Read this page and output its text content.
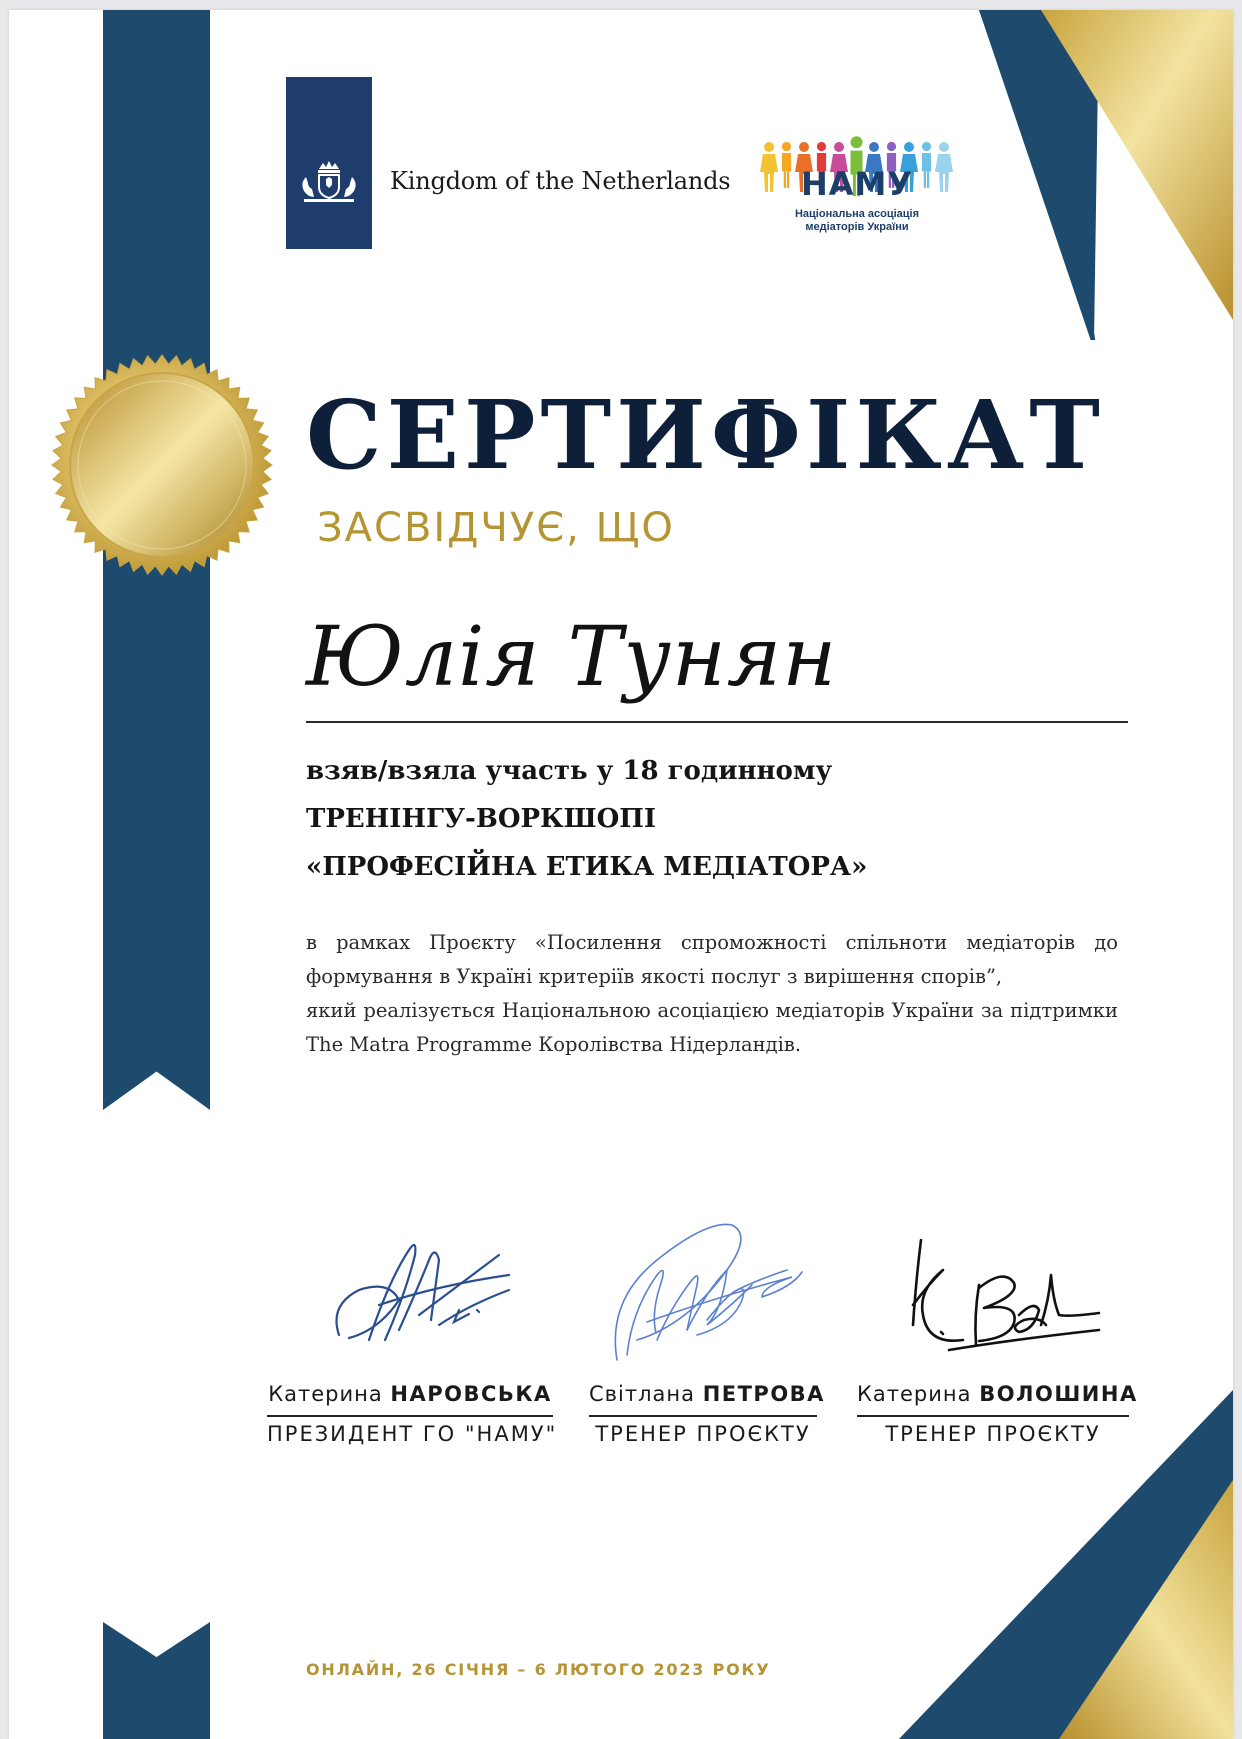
Kingdom of the Netherlands	НАМУ
Національна асоціація
медіаторів України
СЕРТИФІКАТ
ЗАСВІДЧУЄ, ЩО
Юлія Тунян
взяв/взяла участь у 18 годинному
ТРЕНІНГУ-ВОРКШОПІ
«ПРОФЕСІЙНА ЕТИКА МЕДІАТОРА»

в рамках Проєкту «Посилення спроможності спільноти медіаторів до формування в Україні критеріїв якості послуг з вирішення спорів”,

який реалізується Національною асоціацією медіаторів України за підтримки The Matra Programme Королівства Нідерландів.

Катерина НАРОВСЬКА
ПРЕЗИДЕНТ ГО "НАМУ"
Світлана ПЕТРОВА
ТРЕНЕР ПРОЄКТУ
Катерина ВОЛОШИНА
ТРЕНЕР ПРОЄКТУ
ОНЛАЙН, 26 СІЧНЯ – 6 ЛЮТОГО 2023 РОКУ
